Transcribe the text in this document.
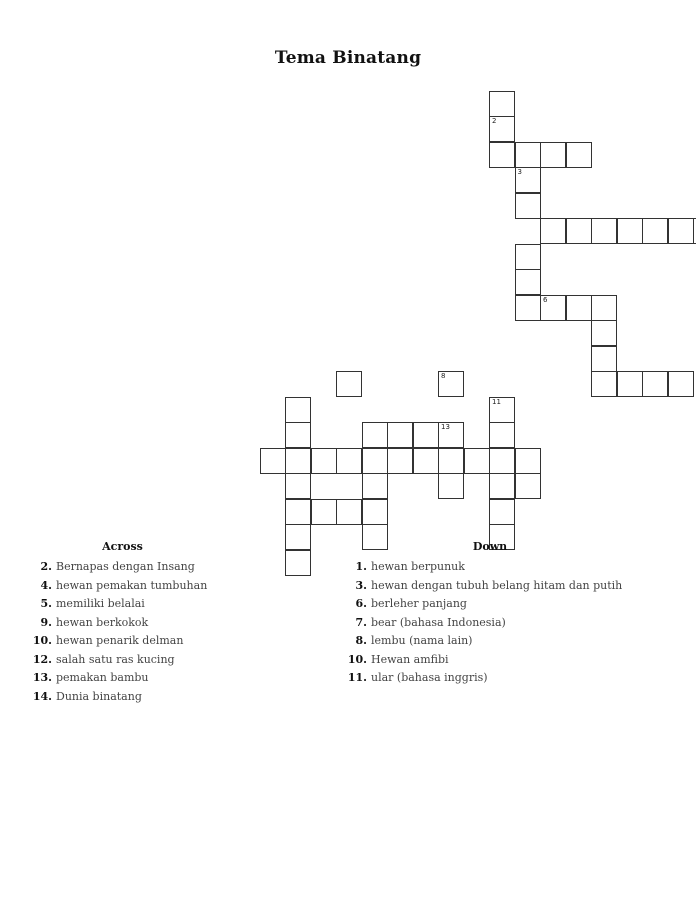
Tema Binatang
2
3
6
8
13
11
Across
2. Bernapas dengan Insang
4. hewan pemakan tumbuhan
5. memiliki belalai
9. hewan berkokok
10. hewan penarik delman
12. salah satu ras kucing
13. pemakan bambu
14. Dunia binatang
Down
1. hewan berpunuk
3. hewan dengan tubuh belang hitam dan putih
6. berleher panjang
7. bear (bahasa Indonesia)
8. lembu (nama lain)
10. Hewan amfibi
11. ular (bahasa inggris)
